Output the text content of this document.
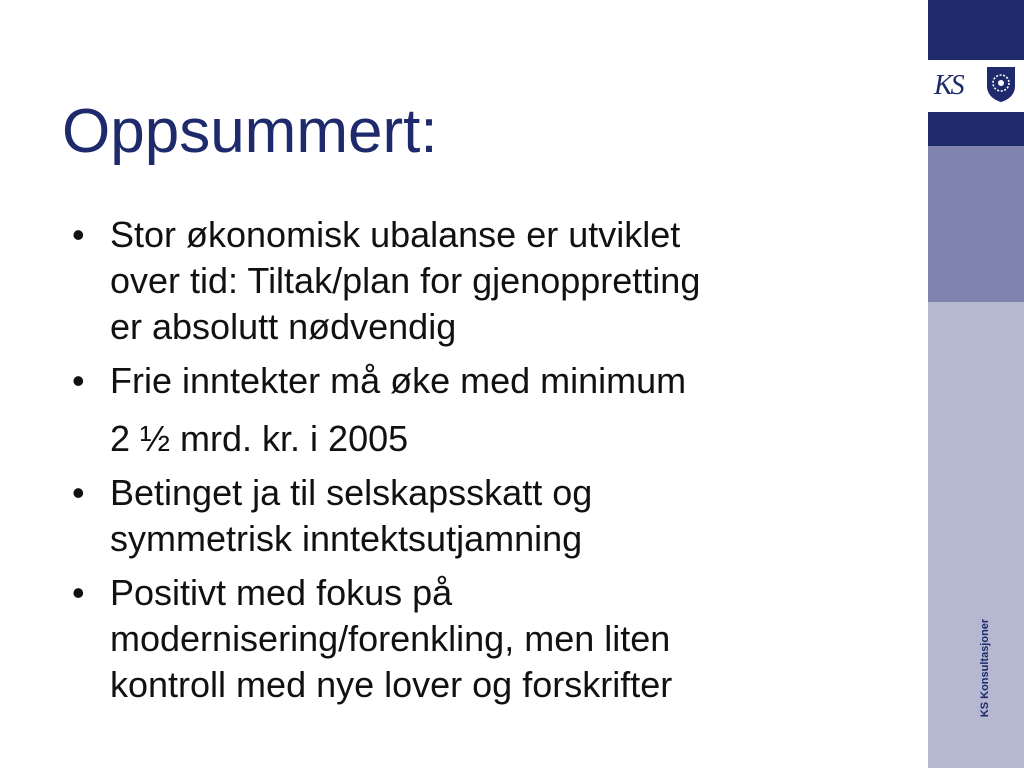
Oppsummert:
• Stor økonomisk ubalanse er utviklet
over tid: Tiltak/plan for gjenoppretting
er absolutt nødvendig
• Frie inntekter må øke med minimum
2 ½ mrd. kr. i 2005
• Betinget ja til selskapsskatt og
symmetrisk inntektsutjamning
• Positivt med fokus på
modernisering/forenkling, men liten
kontroll med nye lover og forskrifter
KS
KS Konsultasjoner
